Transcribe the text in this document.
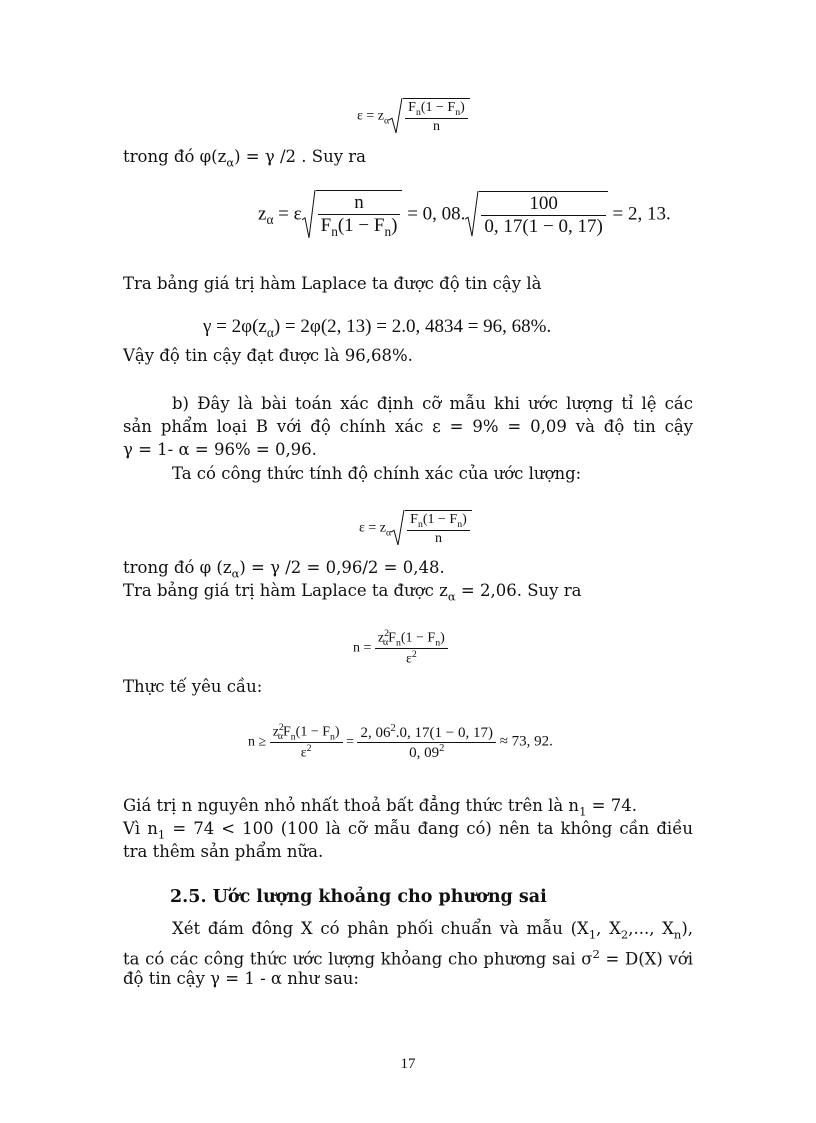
$\varepsilon = z_\alpha \frac{F_n(1 - F_n)}{n}$
trong đó $\varphi(z_\alpha) = \gamma$ /2 . Suy ra
$z_\alpha = \varepsilon \frac{n}{F_n(1 - F_n)} = 0$, 08. $\frac{100}{0, 17(1 - 0, 17)} = 2$, 13.
Tra bảng giá trị hàm Laplace ta được độ tin cậy là
$\gamma = 2\varphi(z_\alpha) = 2\varphi(2$, 13) = 2.0, 4834 = 96, 68%.
Vậy độ tin cậy đạt được là 96,68%.
b) Đây là bài toán xác định cỡ mẫu khi ước lượng tỉ lệ các
sản phẩm loại B với độ chính xác ε = 9% = 0,09 và độ tin cậy
γ = 1- α = 96% = 0,96.
Ta có công thức tính độ chính xác của ước lượng:
$\varepsilon = z_\alpha \frac{F_n(1 - F_n)}{n}$
trong đó φ $(z_\alpha) = \gamma$ /2 = 0,96/2 = 0,48.
Tra bảng giá trị hàm Laplace ta được $z_\alpha = 2,06$. Suy ra
$n = \frac{z^2_\alpha F_n(1 - F_n)}{\varepsilon^2}$
Thực tế yêu cầu:
$n \ge \frac{z^2_\alpha F_n(1 - F_n)}{\varepsilon^2} = \frac{2, 06^2.0, 17(1 - 0, 17)}{0, 09^2} \approx 73$, 92.
Giá trị n nguyên nhỏ nhất thoả bất đẳng thức trên là $n_1 = 74$.
Vì $n_1 = 74 < 100$ (100 là cỡ mẫu đang có) nên ta không cần điều
tra thêm sản phẩm nữa.
2.5. Ước lượng khoảng cho phương sai
Xét đám đông X có phân phối chuẩn và mẫu ($X_1$, $X_2$,..., $X_n$),
ta có các công thức ước lượng khỏang cho phương sai $\sigma^2 = D(X)$ với
độ tin cậy γ = 1 - α như sau:
17
